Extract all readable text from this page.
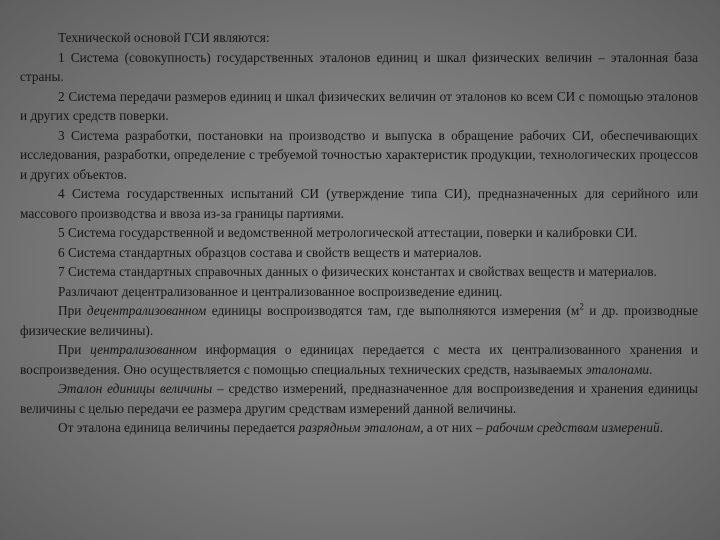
Технической основой ГСИ являются:

1 Система (совокупность) государственных эталонов единиц и шкал физических величин – эталонная база страны.

2 Система передачи размеров единиц и шкал физических величин от эталонов ко всем СИ с помощью эталонов и других средств поверки.

3 Система разработки, постановки на производство и выпуска в обращение рабочих СИ, обеспечивающих исследования, разработки, определение с требуемой точностью характеристик продукции, технологических процессов и других объектов.

4 Система государственных испытаний СИ (утверждение типа СИ), предназначенных для серийного или массового производства и ввоза из-за границы партиями.

5 Система государственной и ведомственной метрологической аттестации, поверки и калибровки СИ.

6 Система стандартных образцов состава и свойств веществ и материалов.

7 Система стандартных справочных данных о физических константах и свойствах веществ и материалов.

Различают децентрализованное и централизованное воспроизведение единиц.

При децентрализованном единицы воспроизводятся там, где выполняются измерения ($м^2$ и др. производные физические величины).

При централизованном информация о единицах передается с места их централизованного хранения и воспроизведения. Оно осуществляется с помощью специальных технических средств, называемых эталонами.

Эталон единицы величины – средство измерений, предназначенное для воспроизведения и хранения единицы величины с целью передачи ее размера другим средствам измерений данной величины.

От эталона единица величины передается разрядным эталонам, а от них – рабочим средствам измерений.
